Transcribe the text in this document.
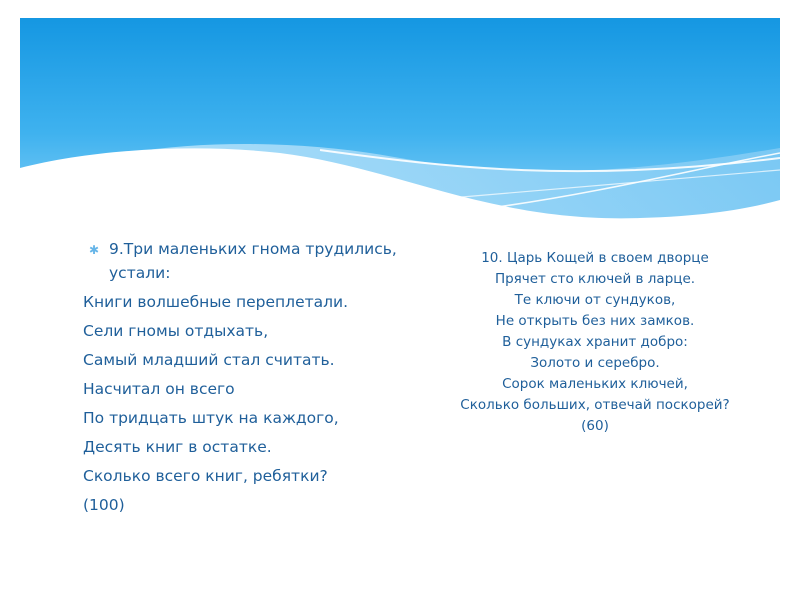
✱ 9.Три маленьких гнома трудились, устали:
Книги волшебные переплетали.
Сели гномы отдыхать,
Самый младший стал считать.
Насчитал он всего
По тридцать штук на каждого,
Десять книг в остатке.
Сколько всего книг, ребятки?
(100)
10. Царь Кощей в своем дворце
Прячет сто ключей в ларце.
Те ключи от сундуков,
Не открыть без них замков.
В сундуках хранит добро:
Золото и серебро.
Сорок маленьких ключей,
Сколько больших, отвечай поскорей?
(60)
